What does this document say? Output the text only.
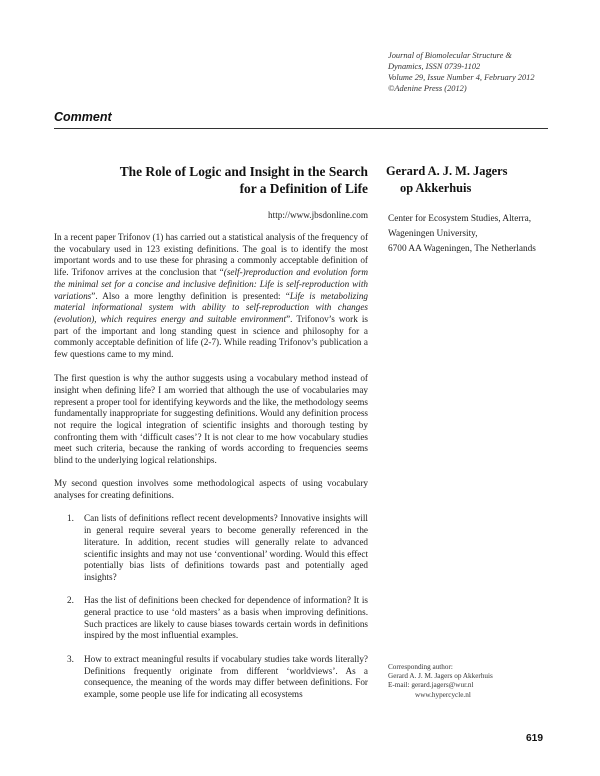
Journal of Biomolecular Structure &
Dynamics, ISSN 0739-1102
Volume 29, Issue Number 4, February 2012
©Adenine Press (2012)
Comment
The Role of Logic and Insight in the Search
for a Definition of Life
http://www.jbsdonline.com
Gerard A. J. M. Jagers
op Akkerhuis
Center for Ecosystem Studies, Alterra,
Wageningen University,
6700 AA Wageningen, The Netherlands

In a recent paper Trifonov (1) has carried out a statistical analysis of the frequency of the vocabulary used in 123 existing definitions. The goal is to identify the most important words and to use these for phrasing a commonly acceptable definition of life. Trifonov arrives at the conclusion that “(self-)reproduction and evolution form the minimal set for a concise and inclusive definition: Life is self-reproduction with variations”. Also a more lengthy definition is presented: “Life is metabolizing material informational system with ability to self-reproduction with changes (evolution), which requires energy and suitable environment”. Trifonov’s work is part of the important and long standing quest in science and philosophy for a commonly acceptable definition of life (2-7). While reading Trifonov’s publication a few questions came to my mind.

The first question is why the author suggests using a vocabulary method instead of insight when defining life? I am worried that although the use of vocabularies may represent a proper tool for identifying keywords and the like, the methodology seems fundamentally inappropriate for suggesting definitions. Would any definition process not require the logical integration of scientific insights and thorough testing by confronting them with ‘difficult cases’? It is not clear to me how vocabulary studies meet such criteria, because the ranking of words according to frequencies seems blind to the underlying logical relationships.

My second question involves some methodological aspects of using vocabulary analyses for creating definitions.

1. Can lists of definitions reflect recent developments? Innovative insights will in general require several years to become generally referenced in the literature. In addition, recent studies will generally relate to advanced scientific insights and may not use ‘conventional’ wording. Would this effect potentially bias lists of definitions towards past and potentially aged insights?
2. Has the list of definitions been checked for dependence of information? It is general practice to use ‘old masters’ as a basis when improving definitions. Such practices are likely to cause biases towards certain words in definitions inspired by the most influential examples.
3. How to extract meaningful results if vocabulary studies take words literally? Definitions frequently originate from different ‘worldviews’. As a consequence, the meaning of the words may differ between definitions. For example, some people use life for indicating all ecosystems
Corresponding author:
Gerard A. J. M. Jagers op Akkerhuis
E-mail: gerard.jagers@wur.nl
www.hypercycle.nl
619
